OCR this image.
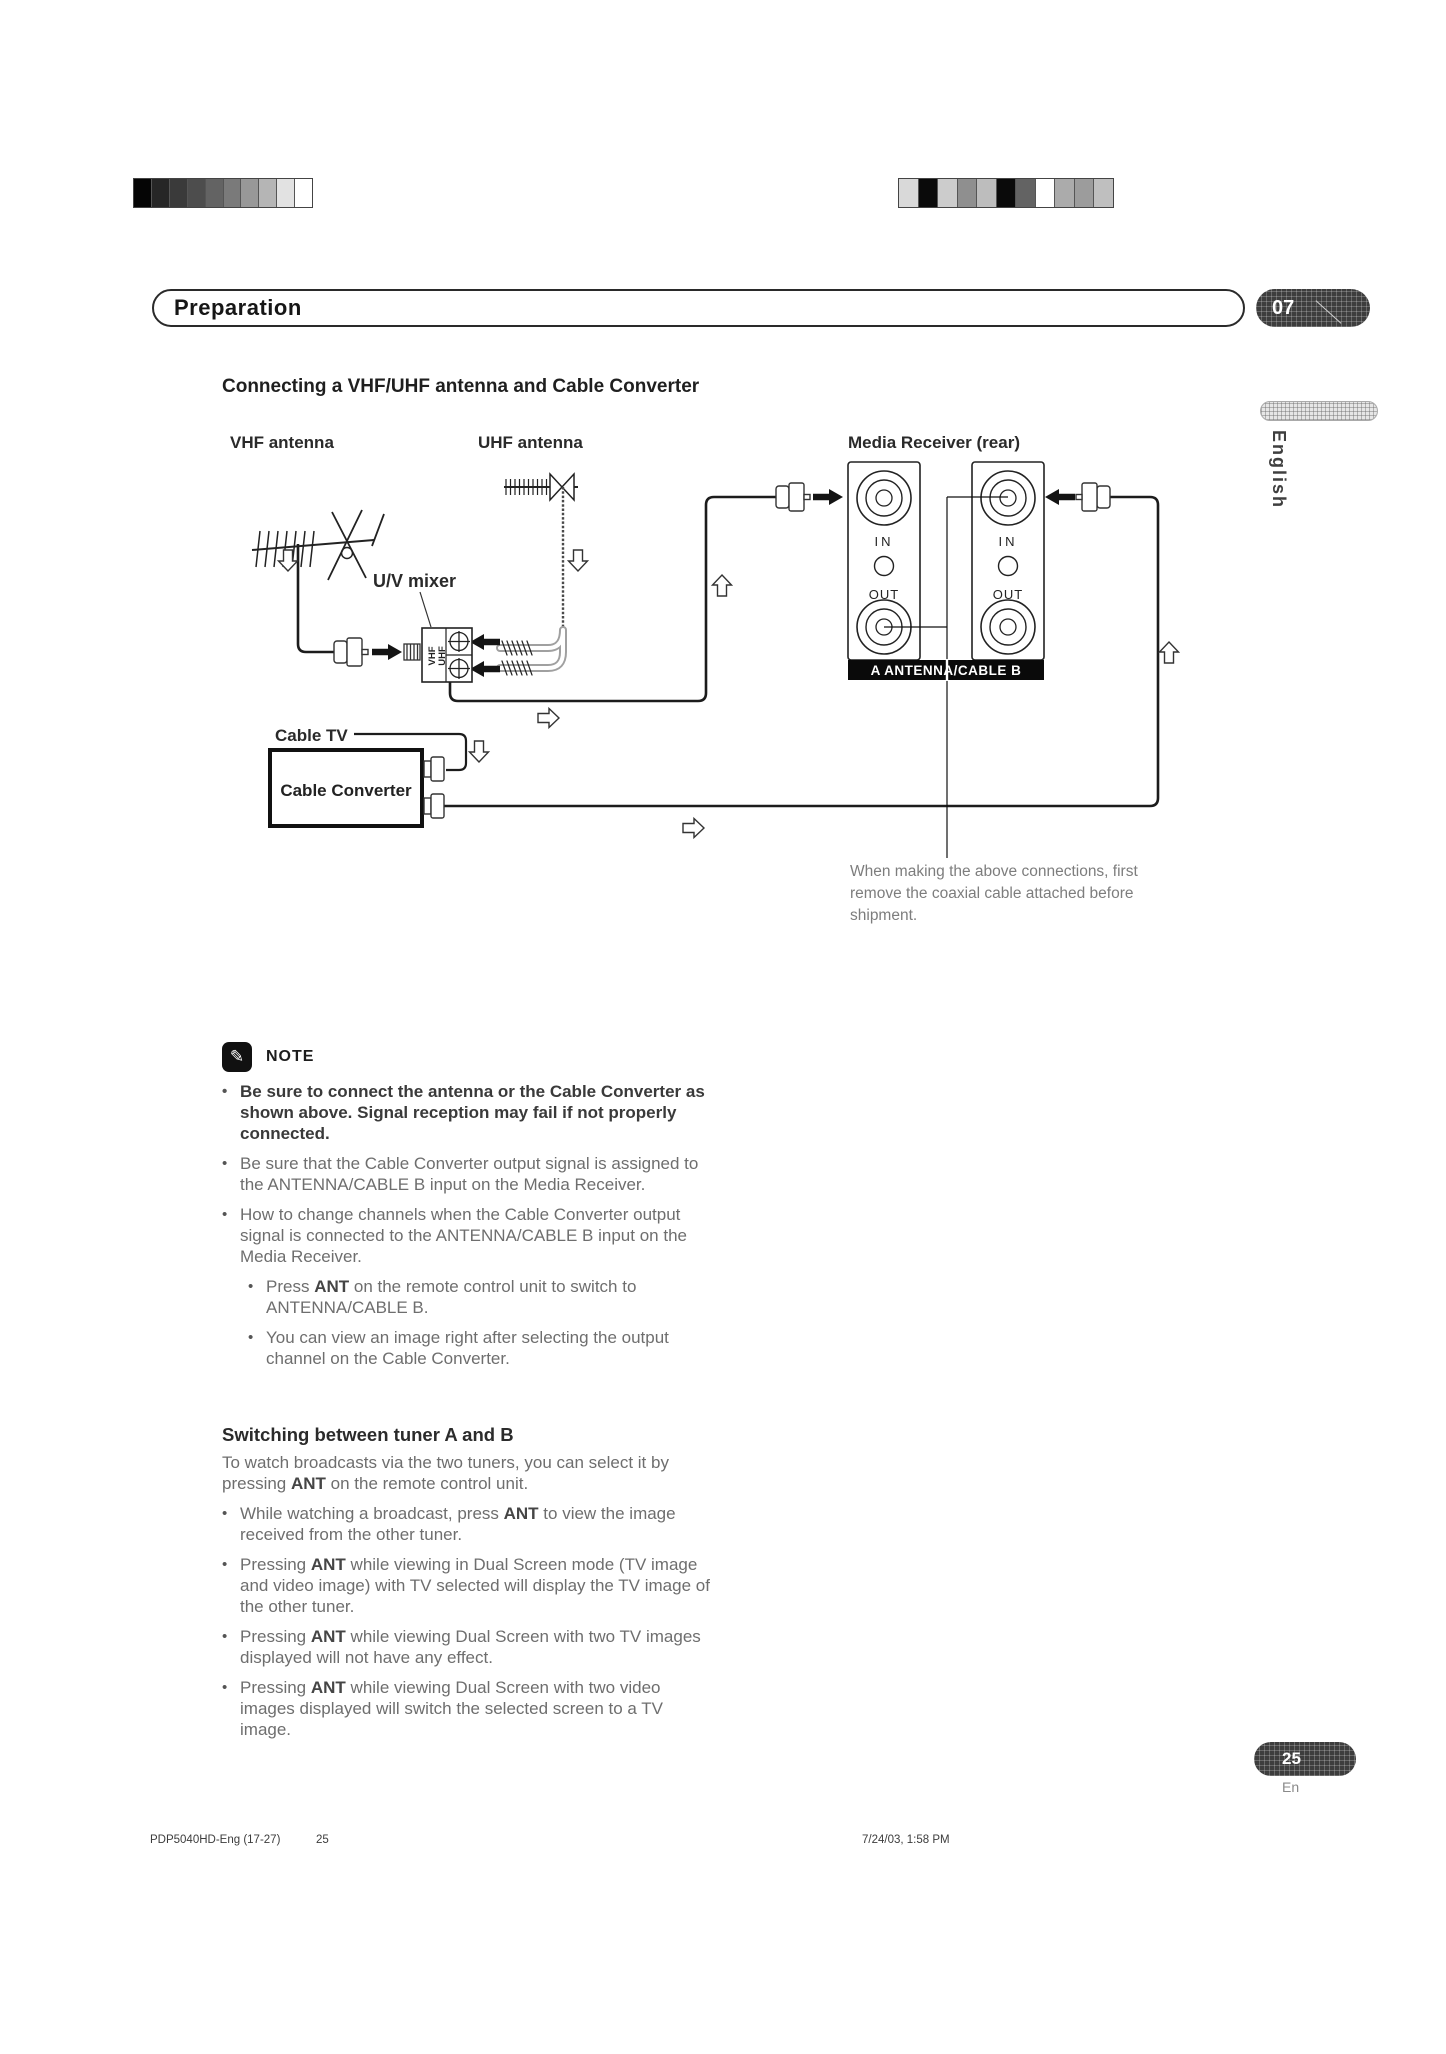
Preparation	07
English
Connecting a VHF/UHF antenna and Cable Converter
VHF UHF
IN
OUT
IN
OUT
A ANTENNA/CABLE B
Cable Converter
VHF antenna	UHF antenna	Media Receiver (rear)
U/V mixer
Cable TV
When making the above connections, first remove the coaxial cable attached before shipment.
✎	NOTE
• Be sure to connect the antenna or the Cable Converter as shown above. Signal reception may fail if not properly connected.
• Be sure that the Cable Converter output signal is assigned to the ANTENNA/CABLE B input on the Media Receiver.
• How to change channels when the Cable Converter output signal is connected to the ANTENNA/CABLE B input on the Media Receiver.
• Press ANT on the remote control unit to switch to ANTENNA/CABLE B.
• You can view an image right after selecting the output channel on the Cable Converter.
Switching between tuner A and B
To watch broadcasts via the two tuners, you can select it by pressing ANT on the remote control unit.
• While watching a broadcast, press ANT to view the image received from the other tuner.
• Pressing ANT while viewing in Dual Screen mode (TV image and video image) with TV selected will display the TV image of the other tuner.
• Pressing ANT while viewing Dual Screen with two TV images displayed will not have any effect.
• Pressing ANT while viewing Dual Screen with two video images displayed will switch the selected screen to a TV image.
25
En
PDP5040HD-Eng (17-27)	25	7/24/03, 1:58 PM
